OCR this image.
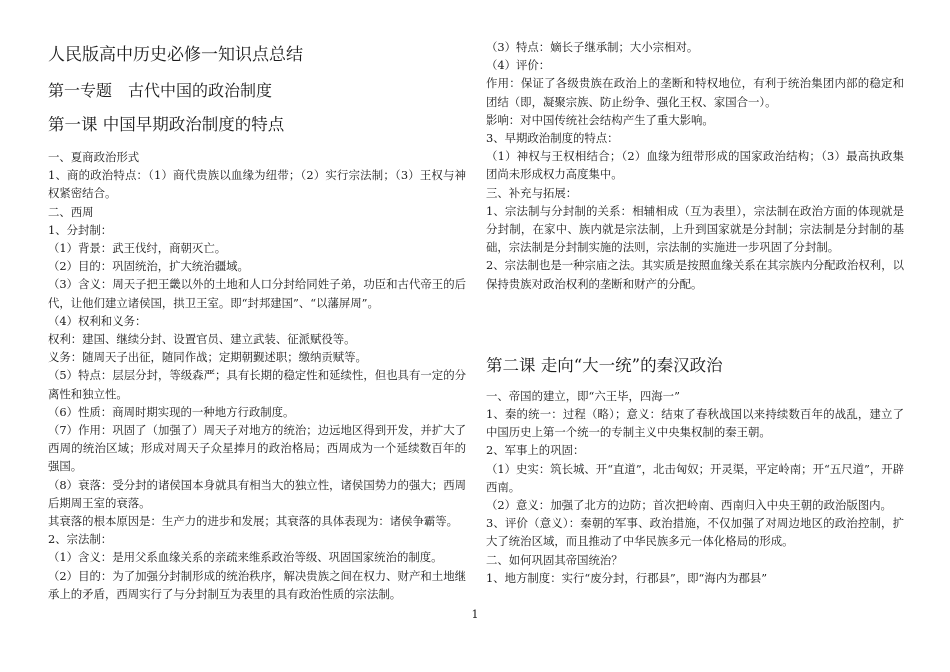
人民版高中历史必修一知识点总结
第一专题　古代中国的政治制度
第一课 中国早期政治制度的特点
一、夏商政治形式
1、商的政治特点：（1）商代贵族以血缘为纽带；（2）实行宗法制；（3）王权与神权紧密结合。
二、西周
1、分封制：
（1）背景：武王伐纣，商朝灭亡。
（2）目的：巩固统治，扩大统治疆域。
（3）含义：周天子把王畿以外的土地和人口分封给同姓子弟，功臣和古代帝王的后代，让他们建立诸侯国，拱卫王室。即“封邦建国”、“以藩屏周”。
（4）权利和义务：
权利：建国、继续分封、设置官员、建立武装、征派赋役等。
义务：随周天子出征，随同作战；定期朝觐述职；缴纳贡赋等。
（5）特点：层层分封，等级森严；具有长期的稳定性和延续性，但也具有一定的分离性和独立性。
（6）性质：商周时期实现的一种地方行政制度。
（7）作用：巩固了（加强了）周天子对地方的统治；边远地区得到开发，并扩大了西周的统治区域；形成对周天子众星捧月的政治格局；西周成为一个延续数百年的强国。
（8）衰落：受分封的诸侯国本身就具有相当大的独立性，诸侯国势力的强大；西周后期周王室的衰落。
其衰落的根本原因是：生产力的进步和发展；其衰落的具体表现为：诸侯争霸等。
2、宗法制：
（1）含义：是用父系血缘关系的亲疏来维系政治等级、巩固国家统治的制度。
（2）目的：为了加强分封制形成的统治秩序，解决贵族之间在权力、财产和土地继承上的矛盾，西周实行了与分封制互为表里的具有政治性质的宗法制。
（3）特点：嫡长子继承制；大小宗相对。
（4）评价：
作用：保证了各级贵族在政治上的垄断和特权地位，有利于统治集团内部的稳定和团结（即，凝聚宗族、防止纷争、强化王权、家国合一）。
影响：对中国传统社会结构产生了重大影响。
3、早期政治制度的特点：
（1）神权与王权相结合；（2）血缘为纽带形成的国家政治结构；（3）最高执政集团尚未形成权力高度集中。
三、补充与拓展：
1、宗法制与分封制的关系：相辅相成（互为表里），宗法制在政治方面的体现就是分封制，在家中、族内就是宗法制，上升到国家就是分封制；宗法制是分封制的基础，宗法制是分封制实施的法则，宗法制的实施进一步巩固了分封制。
2、宗法制也是一种宗庙之法。其实质是按照血缘关系在其宗族内分配政治权利，以保持贵族对政治权利的垄断和财产的分配。
第二课 走向“大一统”的秦汉政治
一、帝国的建立，即“六王毕，四海一”
1、秦的统一：过程（略）；意义：结束了春秋战国以来持续数百年的战乱，建立了中国历史上第一个统一的专制主义中央集权制的秦王朝。
2、军事上的巩固：
（1）史实：筑长城、开“直道”，北击匈奴；开灵渠，平定岭南；开“五尺道”，开辟西南。
（2）意义：加强了北方的边防；首次把岭南、西南归入中央王朝的政治版图内。
3、评价（意义）：秦朝的军事、政治措施，不仅加强了对周边地区的政治控制，扩大了统治区域，而且推动了中华民族多元一体化格局的形成。
二、如何巩固其帝国统治？
1、地方制度：实行“废分封，行郡县”，即“海内为郡县”
1
